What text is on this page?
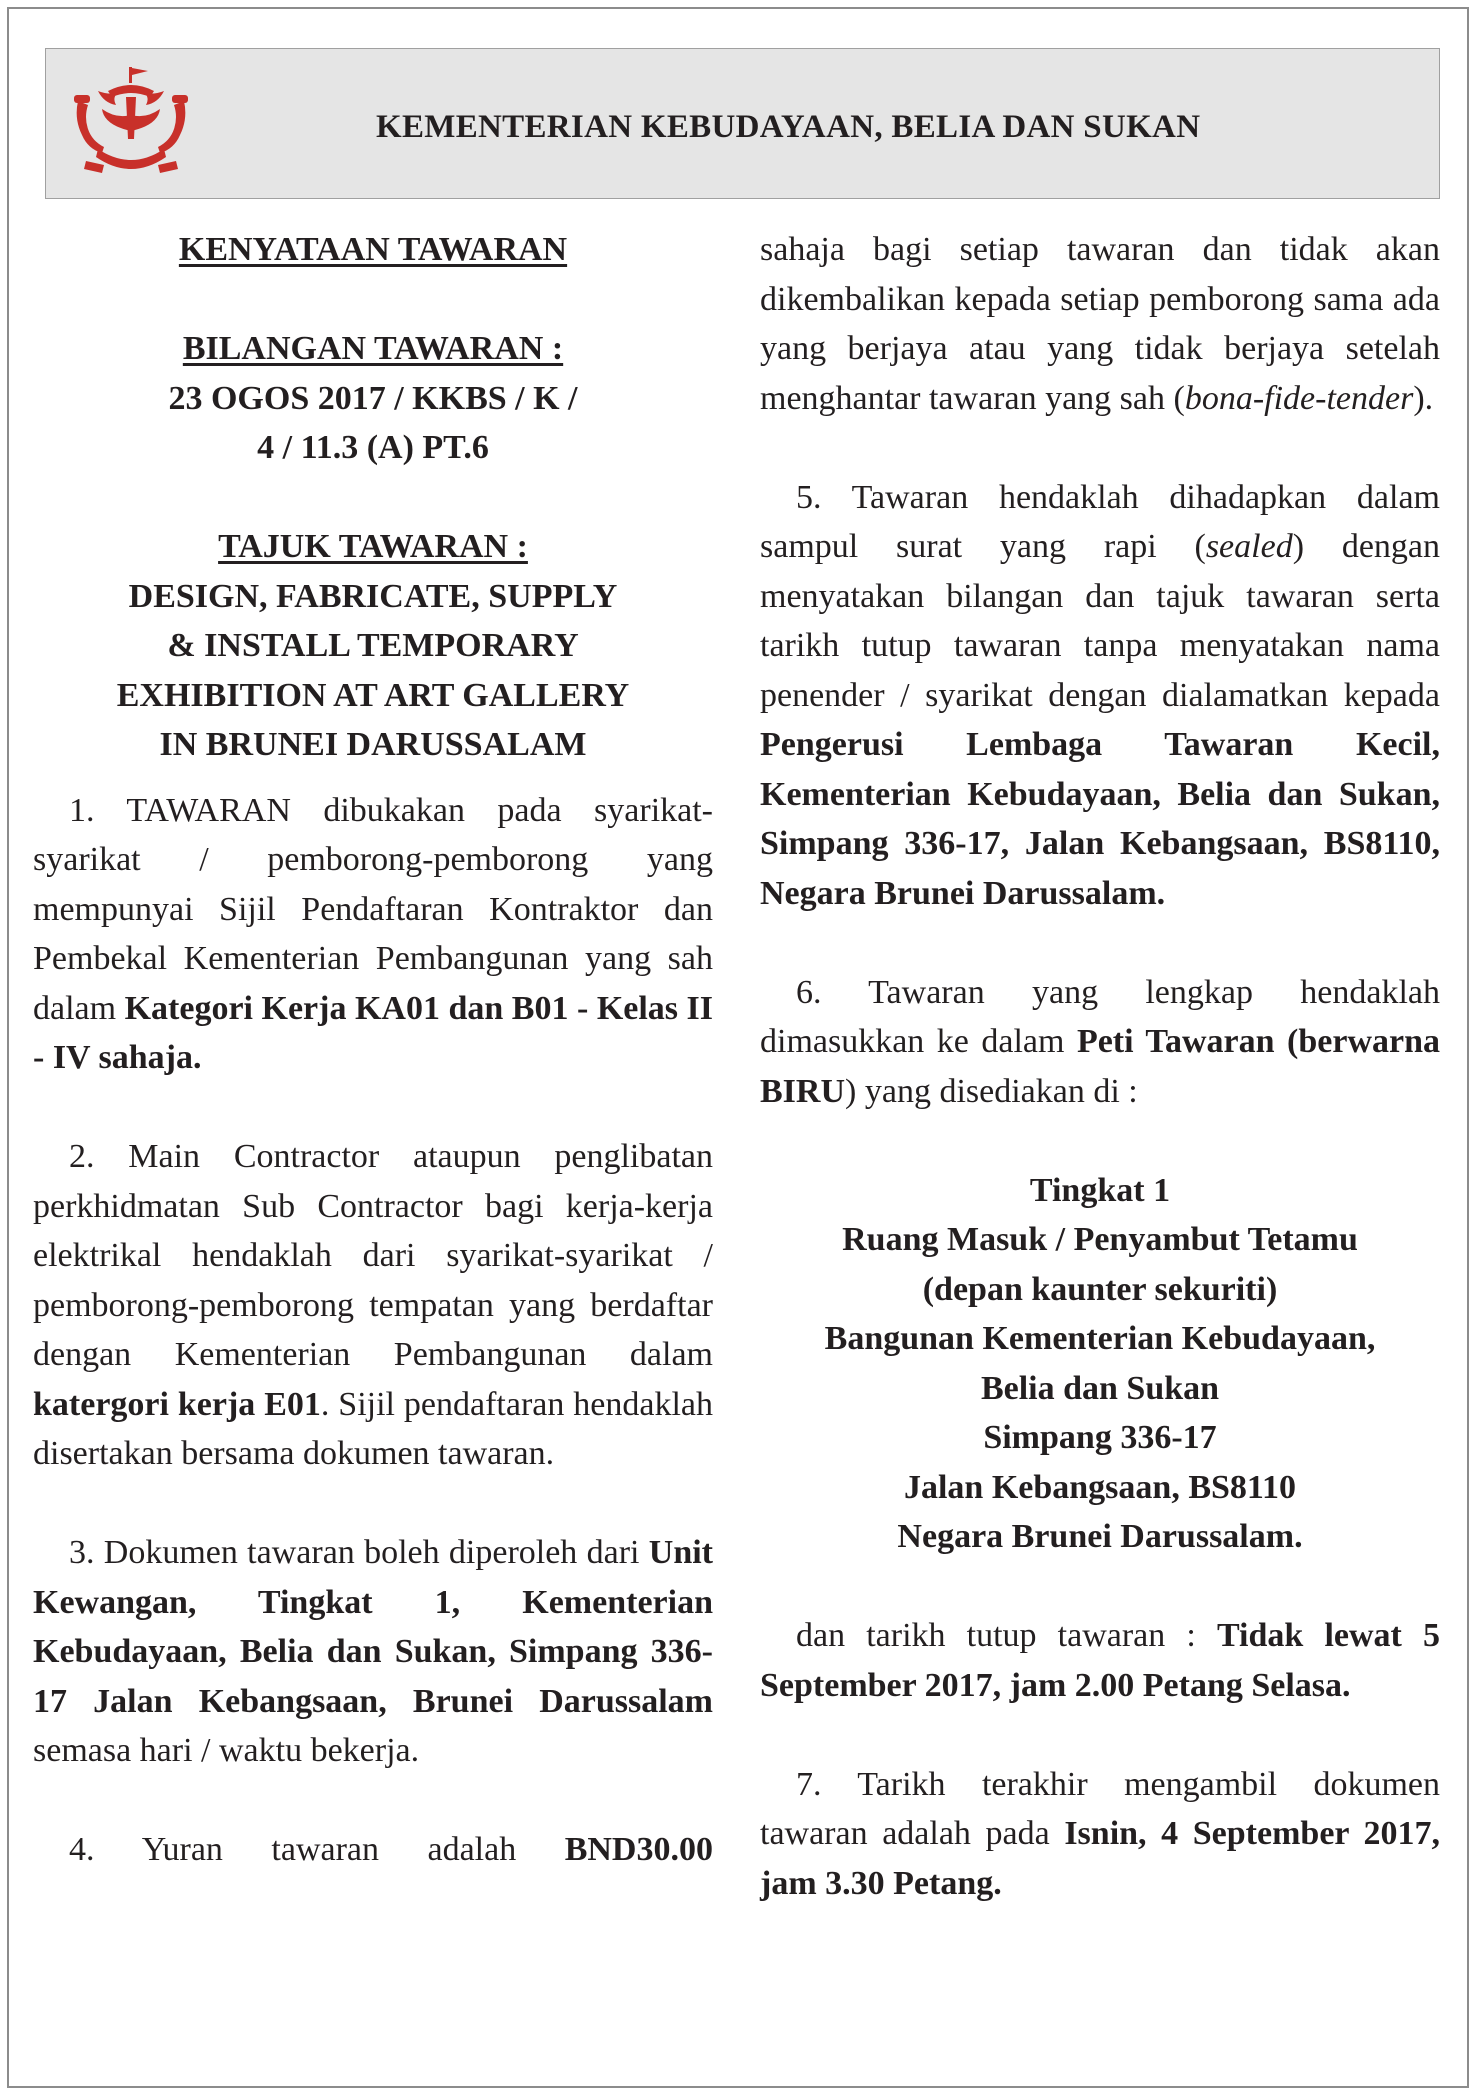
KEMENTERIAN KEBUDAYAAN, BELIA DAN SUKAN
KENYATAAN TAWARAN
BILANGAN TAWARAN :
23 OGOS 2017 / KKBS / K /
4 / 11.3 (A) PT.6
TAJUK TAWARAN :
DESIGN, FABRICATE, SUPPLY
& INSTALL TEMPORARY
EXHIBITION AT ART GALLERY
IN BRUNEI DARUSSALAM

1. TAWARAN dibukakan pada syarikat-syarikat / pemborong-pemborong yang mempunyai Sijil Pendaftaran Kontraktor dan Pembekal Kementerian Pembangunan yang sah dalam Kategori Kerja KA01 dan B01 - Kelas II - IV sahaja.

2. Main Contractor ataupun penglibatan perkhidmatan Sub Contractor bagi kerja-kerja elektrikal hendaklah dari syarikat-syarikat / pemborong-pemborong tempatan yang berdaftar dengan Kementerian Pembangunan dalam katergori kerja E01. Sijil pendaftaran hendaklah disertakan bersama dokumen tawaran.

3. Dokumen tawaran boleh diperoleh dari Unit Kewangan, Tingkat 1, Kementerian Kebudayaan, Belia dan Sukan, Simpang 336-17 Jalan Kebangsaan, Brunei Darussalam semasa hari / waktu bekerja.

4. Yuran tawaran adalah BND30.00

sahaja bagi setiap tawaran dan tidak akan dikembalikan kepada setiap pemborong sama ada yang berjaya atau yang tidak berjaya setelah menghantar tawaran yang sah (bona-fide-tender).

5. Tawaran hendaklah dihadapkan dalam sampul surat yang rapi (sealed) dengan menyatakan bilangan dan tajuk tawaran serta tarikh tutup tawaran tanpa menyatakan nama penender / syarikat dengan dialamatkan kepada Pengerusi Lembaga Tawaran Kecil, Kementerian Kebudayaan, Belia dan Sukan, Simpang 336-17, Jalan Kebangsaan, BS8110, Negara Brunei Darussalam.

6. Tawaran yang lengkap hendaklah dimasukkan ke dalam Peti Tawaran (berwarna BIRU) yang disediakan di :

Tingkat 1
Ruang Masuk / Penyambut Tetamu
(depan kaunter sekuriti)
Bangunan Kementerian Kebudayaan,
Belia dan Sukan
Simpang 336-17
Jalan Kebangsaan, BS8110
Negara Brunei Darussalam.

dan tarikh tutup tawaran : Tidak lewat 5 September 2017, jam 2.00 Petang Selasa.

7. Tarikh terakhir mengambil dokumen tawaran adalah pada Isnin, 4 September 2017, jam 3.30 Petang.
